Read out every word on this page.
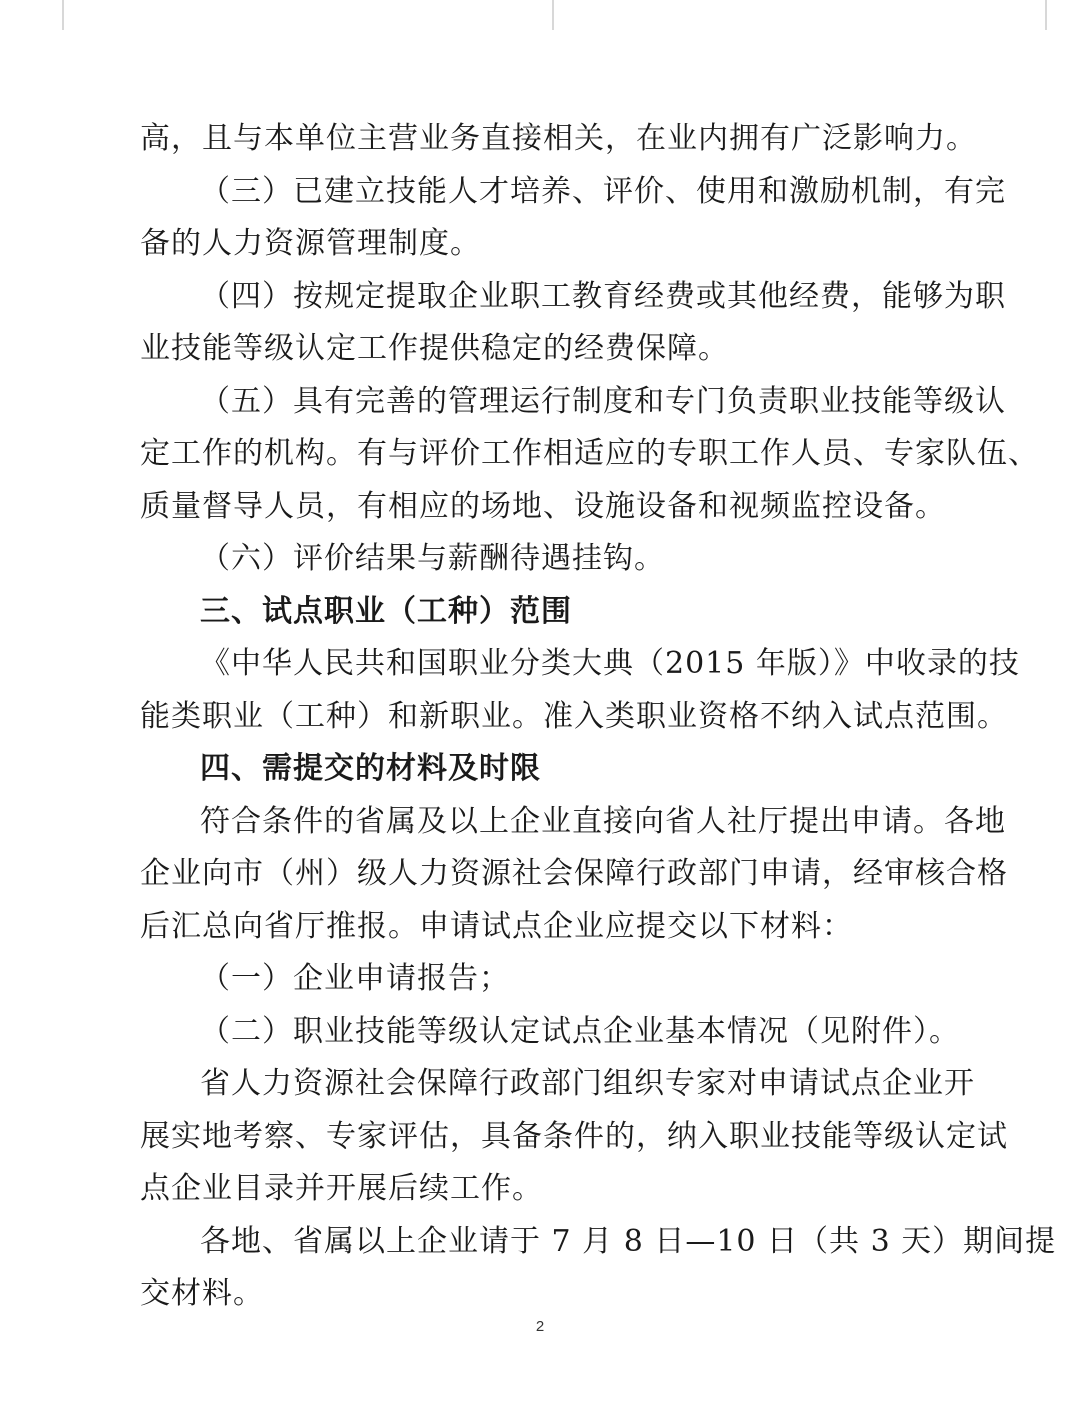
高，且与本单位主营业务直接相关，在业内拥有广泛影响力。
（三）已建立技能人才培养、评价、使用和激励机制，有完
备的人力资源管理制度。
（四）按规定提取企业职工教育经费或其他经费，能够为职
业技能等级认定工作提供稳定的经费保障。
（五）具有完善的管理运行制度和专门负责职业技能等级认
定工作的机构。有与评价工作相适应的专职工作人员、专家队伍、
质量督导人员，有相应的场地、设施设备和视频监控设备。
（六）评价结果与薪酬待遇挂钩。
三、试点职业（工种）范围
《中华人民共和国职业分类大典（2015 年版）》中收录的技
能类职业（工种）和新职业。准入类职业资格不纳入试点范围。
四、需提交的材料及时限
符合条件的省属及以上企业直接向省人社厅提出申请。各地
企业向市（州）级人力资源社会保障行政部门申请，经审核合格
后汇总向省厅推报。申请试点企业应提交以下材料：
（一）企业申请报告；
（二）职业技能等级认定试点企业基本情况（见附件）。
省人力资源社会保障行政部门组织专家对申请试点企业开
展实地考察、专家评估，具备条件的，纳入职业技能等级认定试
点企业目录并开展后续工作。
各地、省属以上企业请于 7 月 8 日—10 日（共 3 天）期间提
交材料。
2
